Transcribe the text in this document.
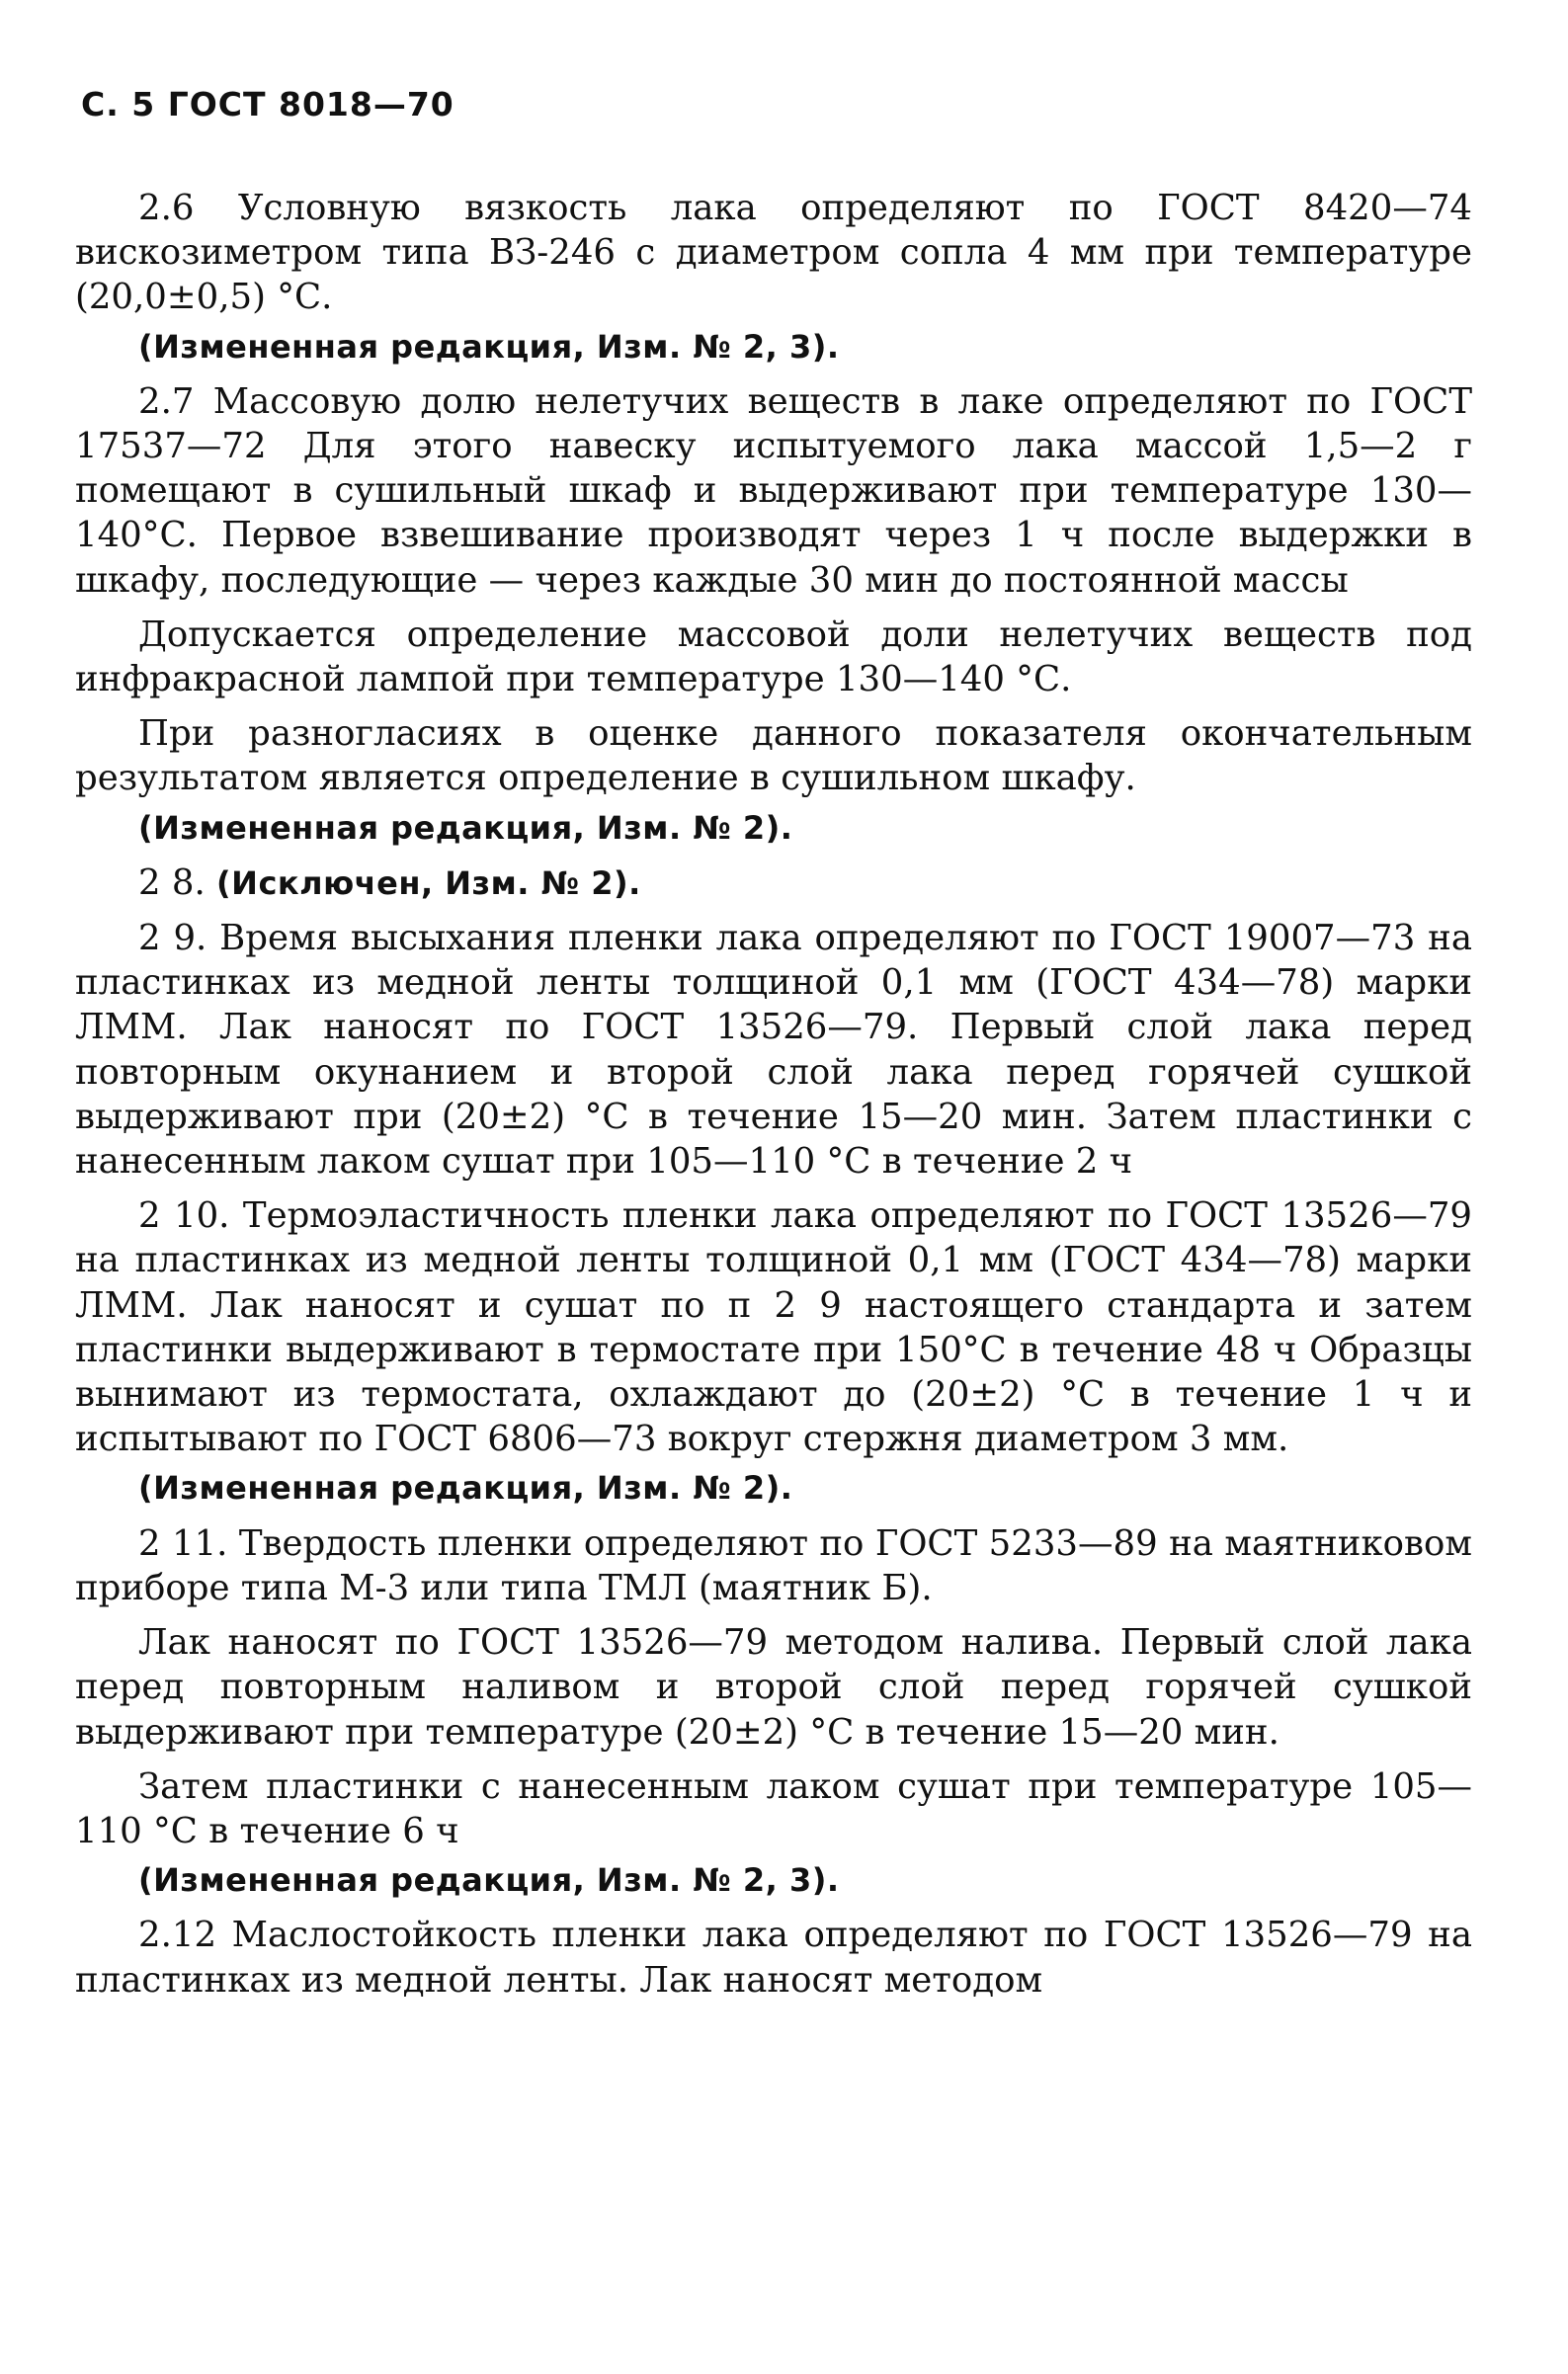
С. 5 ГОСТ 8018—70

2.6 Условную вязкость лака определяют по ГОСТ 8420—74 вискозиметром типа ВЗ-246 с диаметром сопла 4 мм при температуре (20,0±0,5) °С.

(Измененная редакция, Изм. № 2, 3).

2.7 Массовую долю нелетучих веществ в лаке определяют по ГОСТ 17537—72 Для этого навеску испытуемого лака массой 1,5—2 г помещают в сушильный шкаф и выдерживают при температуре 130—140°С. Первое взвешивание производят через 1 ч после выдержки в шкафу, последующие — через каждые 30 мин до постоянной массы

Допускается определение массовой доли нелетучих веществ под инфракрасной лампой при температуре 130—140 °С.

При разногласиях в оценке данного показателя окончательным результатом является определение в сушильном шкафу.

(Измененная редакция, Изм. № 2).

2 8. (Исключен, Изм. № 2).

2 9. Время высыхания пленки лака определяют по ГОСТ 19007—73 на пластинках из медной ленты толщиной 0,1 мм (ГОСТ 434—78) марки ЛММ. Лак наносят по ГОСТ 13526—79. Первый слой лака перед повторным окунанием и второй слой лака перед горячей сушкой выдерживают при (20±2) °С в течение 15—20 мин. Затем пластинки с нанесенным лаком сушат при 105—110 °С в течение 2 ч

2 10. Термоэластичность пленки лака определяют по ГОСТ 13526—79 на пластинках из медной ленты толщиной 0,1 мм (ГОСТ 434—78) марки ЛММ. Лак наносят и сушат по п 2 9 настоящего стандарта и затем пластинки выдерживают в термостате при 150°С в течение 48 ч Образцы вынимают из термостата, охлаждают до (20±2) °С в течение 1 ч и испытывают по ГОСТ 6806—73 вокруг стержня диаметром 3 мм.

(Измененная редакция, Изм. № 2).

2 11. Твердость пленки определяют по ГОСТ 5233—89 на маятниковом приборе типа М-3 или типа ТМЛ (маятник Б).

Лак наносят по ГОСТ 13526—79 методом налива. Первый слой лака перед повторным наливом и второй слой перед горячей сушкой выдерживают при температуре (20±2) °С в течение 15—20 мин.

Затем пластинки с нанесенным лаком сушат при температуре 105—110 °С в течение 6 ч

(Измененная редакция, Изм. № 2, 3).

2.12 Маслостойкость пленки лака определяют по ГОСТ 13526—79 на пластинках из медной ленты. Лак наносят методом
